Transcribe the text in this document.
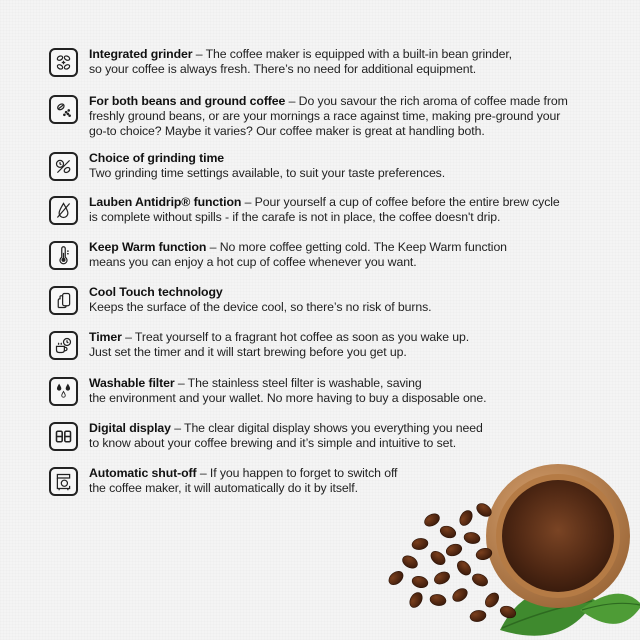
Integrated grinder – The coffee maker is equipped with a built-in bean grinder,
so your coffee is always fresh. There’s no need for additional equipment.
For both beans and ground coffee – Do you savour the rich aroma of coffee made from
freshly ground beans, or are your mornings a race against time, making pre-ground your
go-to choice? Maybe it varies? Our coffee maker is great at handling both.
Choice of grinding time
Two grinding time settings available, to suit your taste preferences.
Lauben Antidrip® function – Pour yourself a cup of coffee before the entire brew cycle
is complete without spills - if the carafe is not in place, the coffee doesn't drip.
Keep Warm function – No more coffee getting cold. The Keep Warm function
means you can enjoy a hot cup of coffee whenever you want.
Cool Touch technology
Keeps the surface of the device cool, so there’s no risk of burns.
Timer – Treat yourself to a fragrant hot coffee as soon as you wake up.
Just set the timer and it will start brewing before you get up.
Washable filter – The stainless steel filter is washable, saving
the environment and your wallet. No more having to buy a disposable one.
Digital display – The clear digital display shows you everything you need
to know about your coffee brewing and it’s simple and intuitive to set.
Automatic shut-off – If you happen to forget to switch off
the coffee maker, it will automatically do it by itself.
